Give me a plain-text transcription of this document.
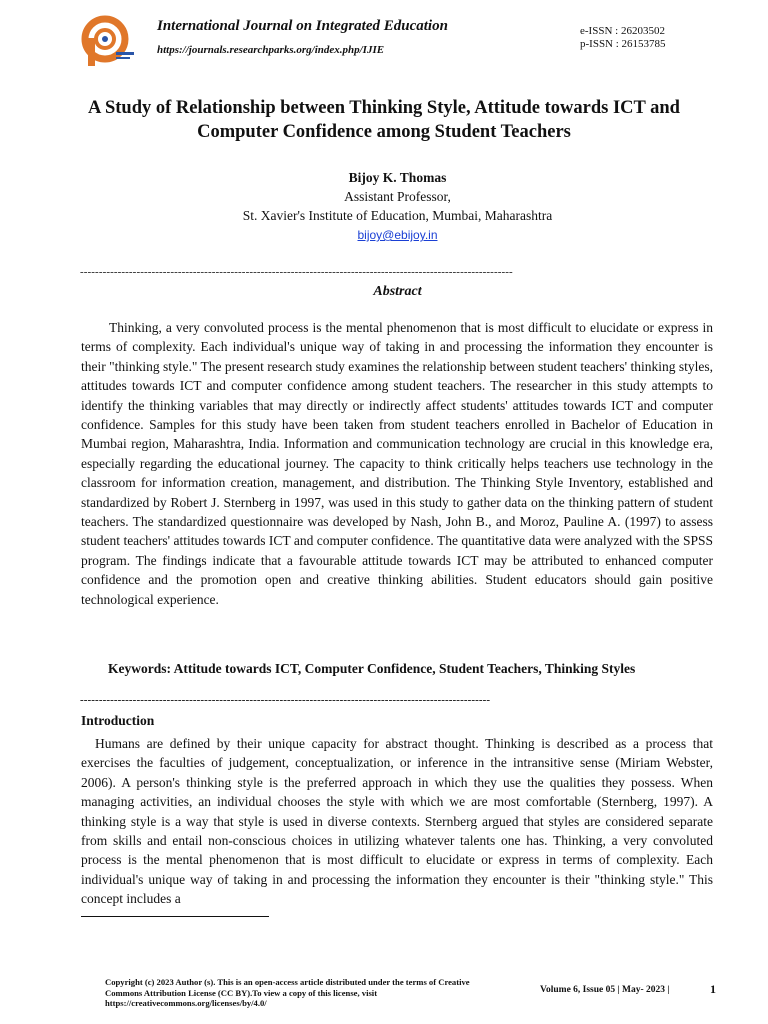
International Journal on Integrated Education
https://journals.researchparks.org/index.php/IJIE
e-ISSN : 26203502
p-ISSN : 26153785
A Study of Relationship between Thinking Style, Attitude towards ICT and Computer Confidence among Student Teachers
Bijoy K. Thomas
Assistant Professor,
St. Xavier's Institute of Education, Mumbai, Maharashtra
bijoy@ebijoy.in
-------------------------------------------------------------------------------------------------------------------
Abstract
Thinking, a very convoluted process is the mental phenomenon that is most difficult to elucidate or express in terms of complexity. Each individual's unique way of taking in and processing the information they encounter is their "thinking style." The present research study examines the relationship between student teachers' thinking styles, attitudes towards ICT and computer confidence among student teachers. The researcher in this study attempts to identify the thinking variables that may directly or indirectly affect students' attitudes towards ICT and computer confidence. Samples for this study have been taken from student teachers enrolled in Bachelor of Education in Mumbai region, Maharashtra, India. Information and communication technology are crucial in this knowledge era, especially regarding the educational journey. The capacity to think critically helps teachers use technology in the classroom for information creation, management, and distribution. The Thinking Style Inventory, established and standardized by Robert J. Sternberg in 1997, was used in this study to gather data on the thinking pattern of student teachers. The standardized questionnaire was developed by Nash, John B., and Moroz, Pauline A. (1997) to assess student teachers' attitudes towards ICT and computer confidence. The quantitative data were analyzed with the SPSS program. The findings indicate that a favourable attitude towards ICT may be attributed to enhanced computer confidence and the promotion open and creative thinking abilities. Student educators should gain positive technological experience.
Keywords: Attitude towards ICT, Computer Confidence, Student Teachers, Thinking Styles
-------------------------------------------------------------------------------------------------------------
Introduction
Humans are defined by their unique capacity for abstract thought. Thinking is described as a process that exercises the faculties of judgement, conceptualization, or inference in the intransitive sense (Miriam Webster, 2006). A person's thinking style is the preferred approach in which they use the qualities they possess. When managing activities, an individual chooses the style with which we are most comfortable (Sternberg, 1997). A thinking style is a way that style is used in diverse contexts. Sternberg argued that styles are considered separate from skills and entail non-conscious choices in utilizing whatever talents one has. Thinking, a very convoluted process is the mental phenomenon that is most difficult to elucidate or express in terms of complexity. Each individual's unique way of taking in and processing the information they encounter is their "thinking style." This concept includes a
Copyright (c) 2023 Author (s). This is an open-access article distributed under the terms of Creative Commons Attribution License (CC BY).To view a copy of this license, visit https://creativecommons.org/licenses/by/4.0/
Volume 6, Issue 05 | May- 2023 |	1
